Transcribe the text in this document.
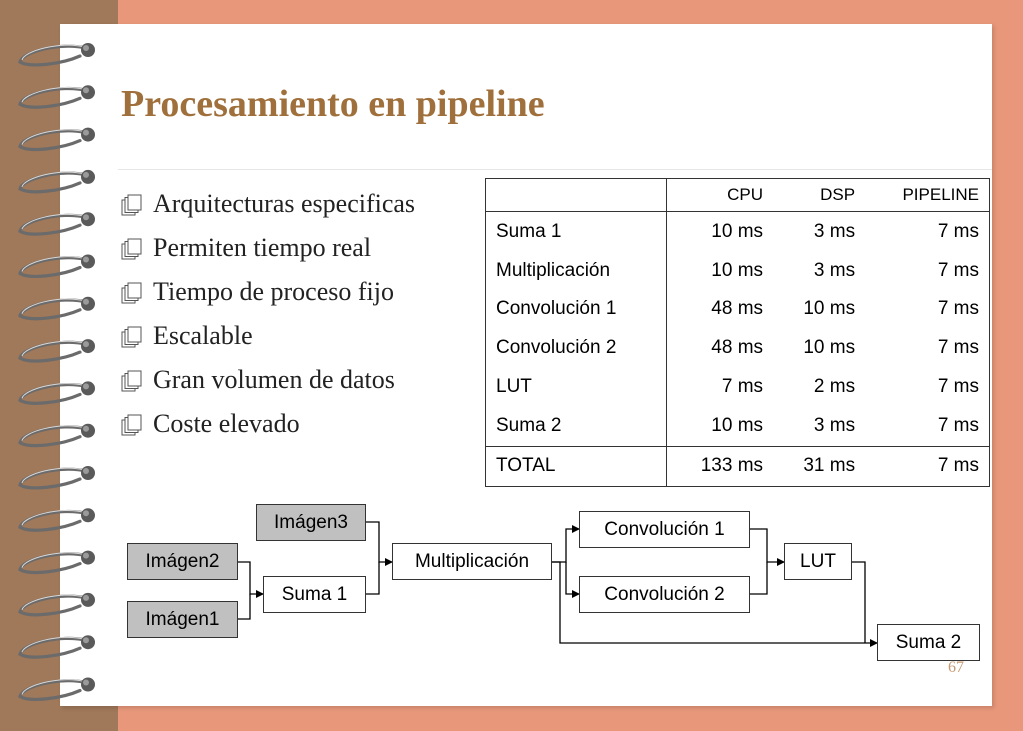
Procesamiento en pipeline
Arquitecturas especificas
Permiten tiempo real
Tiempo de proceso fijo
Escalable
Gran volumen de datos
Coste elevado
	CPU	DSP	PIPELINE
Suma 1	10 ms	3 ms	7 ms
Multiplicación	10 ms	3 ms	7 ms
Convolución 1	48 ms	10 ms	7 ms
Convolución 2	48 ms	10 ms	7 ms
LUT	7 ms	2 ms	7 ms
Suma 2	10 ms	3 ms	7 ms
TOTAL	133 ms	31 ms	7 ms
Imágen3
Imágen2
Imágen1
Suma 1
Multiplicación
Convolución 1
Convolución 2
LUT
Suma 2
67
